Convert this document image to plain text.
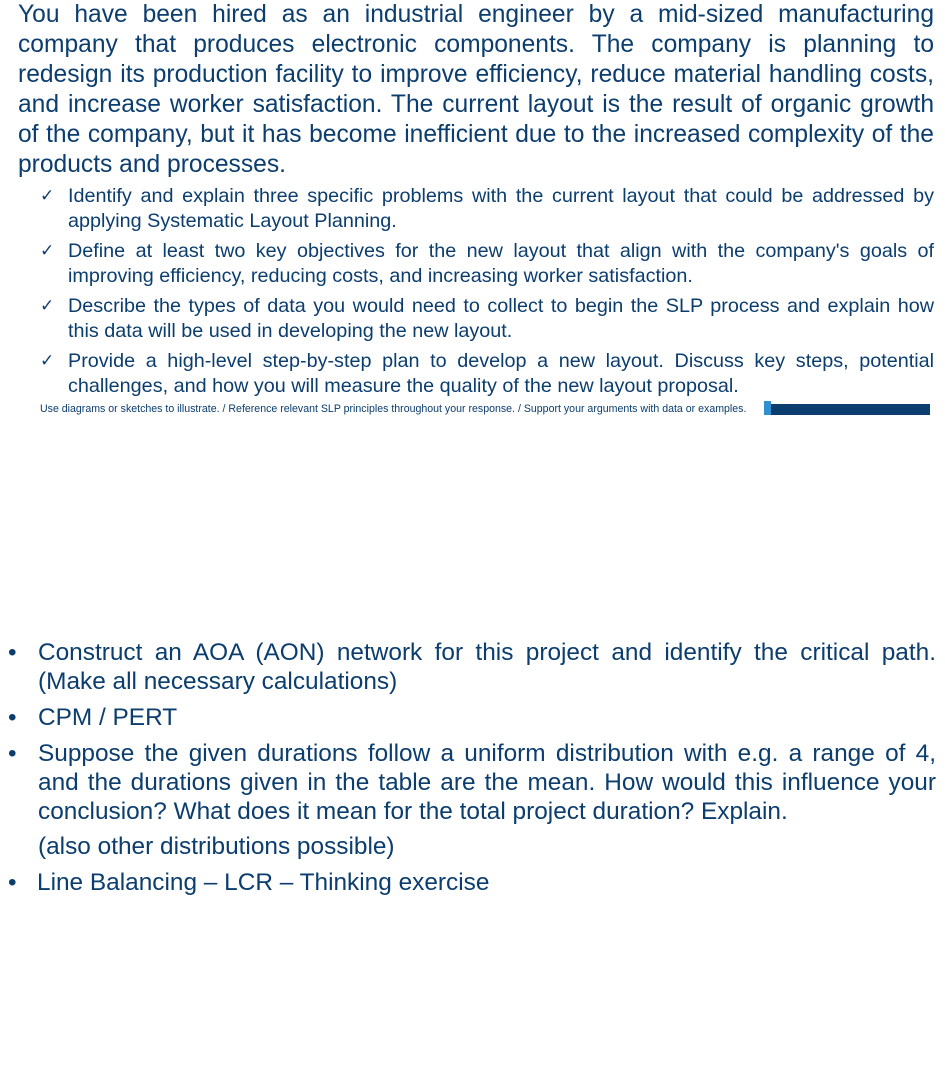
You have been hired as an industrial engineer by a mid-sized manufacturing company that produces electronic components. The company is planning to redesign its production facility to improve efficiency, reduce material handling costs, and increase worker satisfaction. The current layout is the result of organic growth of the company, but it has become inefficient due to the increased complexity of the products and processes.

✓ Identify and explain three specific problems with the current layout that could be addressed by applying Systematic Layout Planning.
✓ Define at least two key objectives for the new layout that align with the company's goals of improving efficiency, reducing costs, and increasing worker satisfaction.
✓ Describe the types of data you would need to collect to begin the SLP process and explain how this data will be used in developing the new layout.
✓ Provide a high-level step-by-step plan to develop a new layout. Discuss key steps, potential challenges, and how you will measure the quality of the new layout proposal.
Use diagrams or sketches to illustrate. / Reference relevant SLP principles throughout your response. / Support your arguments with data or examples.
• Construct an AOA (AON) network for this project and identify the critical path. (Make all necessary calculations)
• CPM / PERT
• Suppose the given durations follow a uniform distribution with e.g. a range of 4, and the durations given in the table are the mean. How would this influence your conclusion? What does it mean for the total project duration? Explain.
(also other distributions possible)
• Line Balancing – LCR – Thinking exercise
